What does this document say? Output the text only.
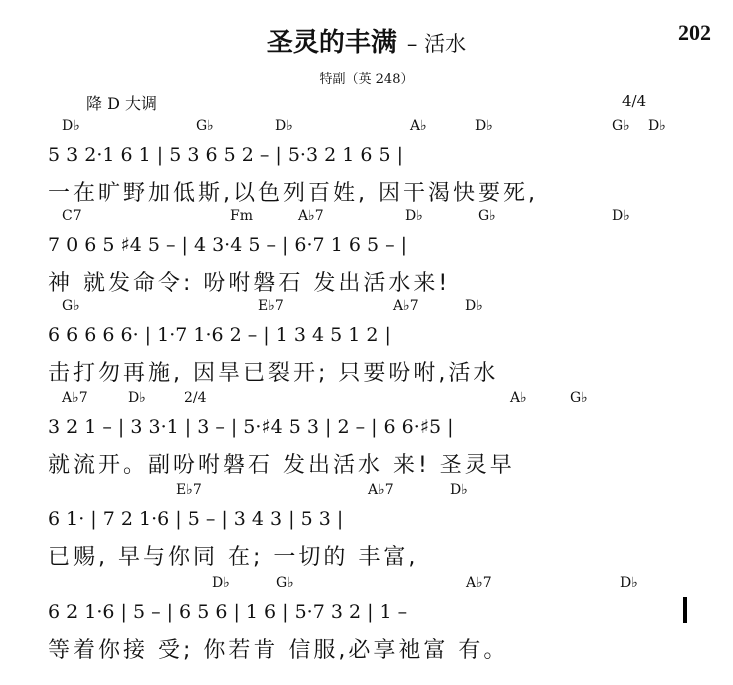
圣灵的丰满 – 活水	202
特副（英 248）
降 D 大调	4/4
D♭	G♭	D♭	A♭	D♭	G♭ D♭
5 3 2·1 6 1 | 5 3 6 5 2 – | 5·3 2 1 6 5 |
一在旷野加低斯,以色列百姓, 因干渴快要死,
C7	Fm	A♭7	D♭	G♭	D♭
7 0 6 5 ♯4 5 – | 4 3·4 5 – | 6·7 1 6 5 – |
神 就发命令: 吩咐磐石 发出活水来!
G♭	E♭7	A♭7	D♭
6 6 6 6 6· | 1·7 1·6 2 – | 1 3 4 5 1 2 |
击打勿再施, 因旱已裂开; 只要吩咐,活水
A♭7	D♭	2/4	A♭	G♭
3 2 1 – | 3 3·1 | 3 – | 5·♯4 5 3 | 2 – | 6 6·♯5 |
就流开。副吩咐磐石 发出活水 来! 圣灵早
E♭7	A♭7	D♭
6 1· | 7 2 1·6 | 5 – | 3 4 3 | 5 3 |
已赐, 早与你同 在; 一切的 丰富,
D♭	G♭	A♭7	D♭
6 2 1·6 | 5 – | 6 5 6 | 1 6 | 5·7 3 2 | 1 –
等着你接 受; 你若肯 信服,必享祂富 有。
